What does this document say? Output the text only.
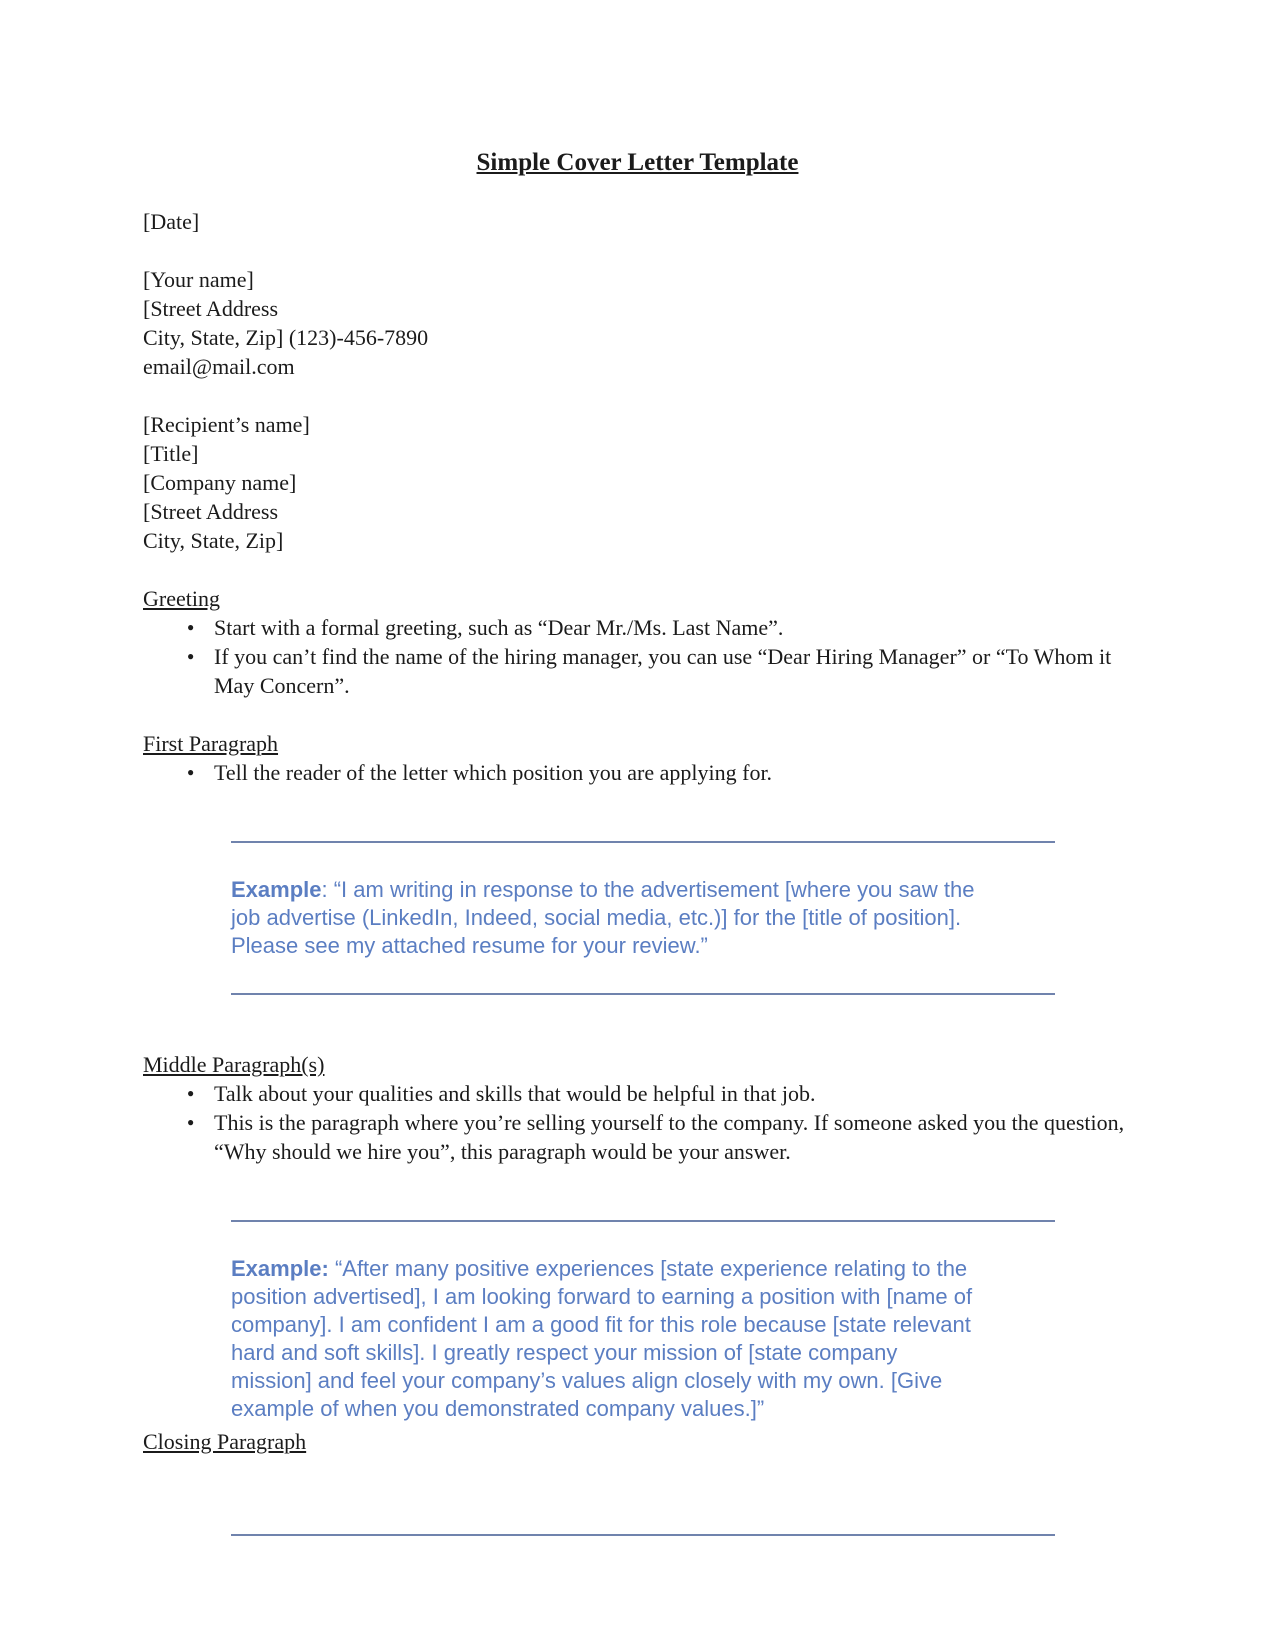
Simple Cover Letter Template

[Date]

[Your name]

[Street Address

City, State, Zip] (123)-456-7890

email@mail.com

[Recipient’s name]

[Title]

[Company name]

[Street Address

City, State, Zip]

Greeting
● Start with a formal greeting, such as “Dear Mr./Ms. Last Name”.
● If you can’t find the name of the hiring manager, you can use “Dear Hiring Manager” or “To Whom it May Concern”.
First Paragraph
● Tell the reader of the letter which position you are applying for.

Example: “I am writing in response to the advertisement [where you saw the job advertise (LinkedIn, Indeed, social media, etc.)] for the [title of position]. Please see my attached resume for your review.”

Middle Paragraph(s)
● Talk about your qualities and skills that would be helpful in that job.
● This is the paragraph where you’re selling yourself to the company. If someone asked you the question, “Why should we hire you”, this paragraph would be your answer.

Example: “After many positive experiences [state experience relating to the position advertised], I am looking forward to earning a position with [name of company]. I am confident I am a good fit for this role because [state relevant hard and soft skills]. I greatly respect your mission of [state company mission] and feel your company’s values align closely with my own. [Give example of when you demonstrated company values.]”

Closing Paragraph
